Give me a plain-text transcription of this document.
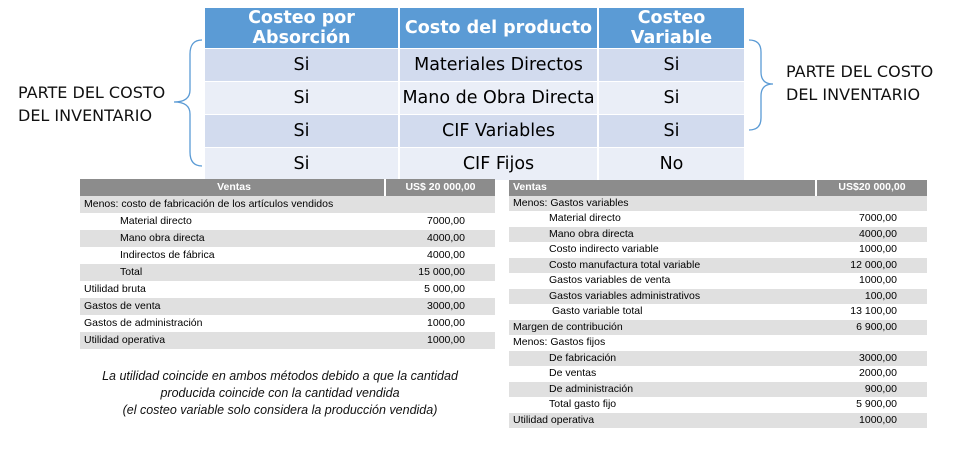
Costeo por Absorción	Costo del producto	Costeo Variable
Si	Materiales Directos	Si
Si	Mano de Obra Directa	Si
Si	CIF Variables	Si
Si	CIF Fijos	No
PARTE DEL COSTO
DEL INVENTARIO
PARTE DEL COSTO
DEL INVENTARIO
Ventas	US$ 20 000,00
Menos: costo de fabricación de los artículos vendidos	
Material directo	7000,00
Mano obra directa	4000,00
Indirectos de fábrica	4000,00
Total	15 000,00
Utilidad bruta	5 000,00
Gastos de venta	3000,00
Gastos de administración	1000,00
Utilidad operativa	1000,00
Ventas	US$20 000,00
Menos: Gastos variables	
Material directo	7000,00
Mano obra directa	4000,00
Costo indirecto variable	1000,00
Costo manufactura total variable	12 000,00
Gastos variables de venta	1000,00
Gastos variables administrativos	100,00
Gasto variable total	13 100,00
Margen de contribución	6 900,00
Menos: Gastos fijos	
De fabricación	3000,00
De ventas	2000,00
De administración	900,00
Total gasto fijo	5 900,00
Utilidad operativa	1000,00
La utilidad coincide en ambos métodos debido a que la cantidad
producida coincide con la cantidad vendida
(el costeo variable solo considera la producción vendida)
